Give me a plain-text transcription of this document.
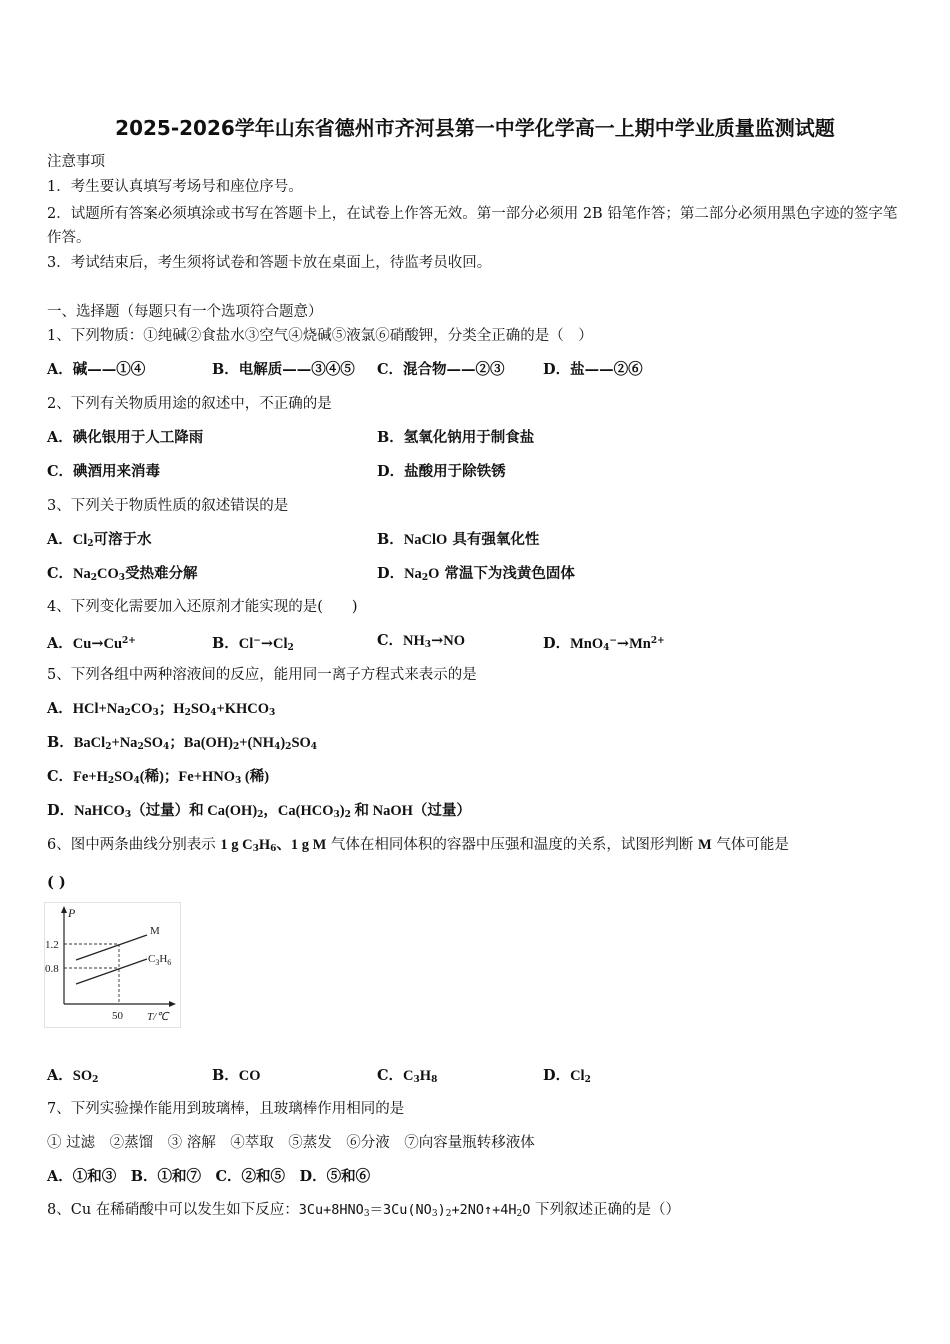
2025-2026学年山东省德州市齐河县第一中学化学高一上期中学业质量监测试题
注意事项
1．考生要认真填写考场号和座位序号。
2．试题所有答案必须填涂或书写在答题卡上，在试卷上作答无效。第一部分必须用 2B 铅笔作答；第二部分必须用黑色字迹的签字笔作答。
3．考试结束后，考生须将试卷和答题卡放在桌面上，待监考员收回。
一、选择题（每题只有一个选项符合题意）
1、下列物质：①纯碱②食盐水③空气④烧碱⑤液氯⑥硝酸钾，分类全正确的是（　）
A．碱——①④	B．电解质——③④⑤ C．混合物——②③	D．盐——②⑥
2、下列有关物质用途的叙述中，不正确的是
A．碘化银用于人工降雨	B．氢氧化钠用于制食盐
C．碘酒用来消毒	D．盐酸用于除铁锈
3、下列关于物质性质的叙述错误的是
A．$Cl_2$可溶于水	B．NaClO 具有强氧化性
C．$Na_2CO_3$受热难分解	D．$Na_2O$ 常温下为浅黄色固体
4、下列变化需要加入还原剂才能实现的是(　　)
A．$Cu\to Cu^{2+}$	B．$Cl^-\to Cl_2$	C．$NH_3\to NO$	D．$MnO_4^-\to Mn^{2+}$
5、下列各组中两种溶液间的反应，能用同一离子方程式来表示的是
A．$HCl+Na_2CO_3$；$H_2SO_4+KHCO_3$
B．$BaCl_2+Na_2SO_4$；$Ba(OH)_2+(NH_4)_2SO_4$
C．$Fe+H_2SO_4$(稀)；$Fe+HNO_3$ (稀)
D．NaHCO$_3$（过量）和 $Ca(OH)_2$，$Ca(HCO_3)_2$ 和 NaOH（过量）
6、图中两条曲线分别表示 1 g $C_3H_6$、1 g M 气体在相同体积的容器中压强和温度的关系，试图形判断 M 气体可能是
( )
P
1.2
0.8
50 T/℃
M
$C_3H_6$
A．$SO_2$	B．CO	C．$C_3H_8$	D．$Cl_2$
7、下列实验操作能用到玻璃棒，且玻璃棒作用相同的是
① 过滤　②蒸馏　③ 溶解　④萃取　⑤蒸发　⑥分液　⑦向容量瓶转移液体
A．①和③　B．①和⑦　C．②和⑤　D．⑤和⑥
8、Cu 在稀硝酸中可以发生如下反应：$3Cu+8HNO_3=3Cu(NO_3)_2+2NO↑+4H_2O$ 下列叙述正确的是（）
